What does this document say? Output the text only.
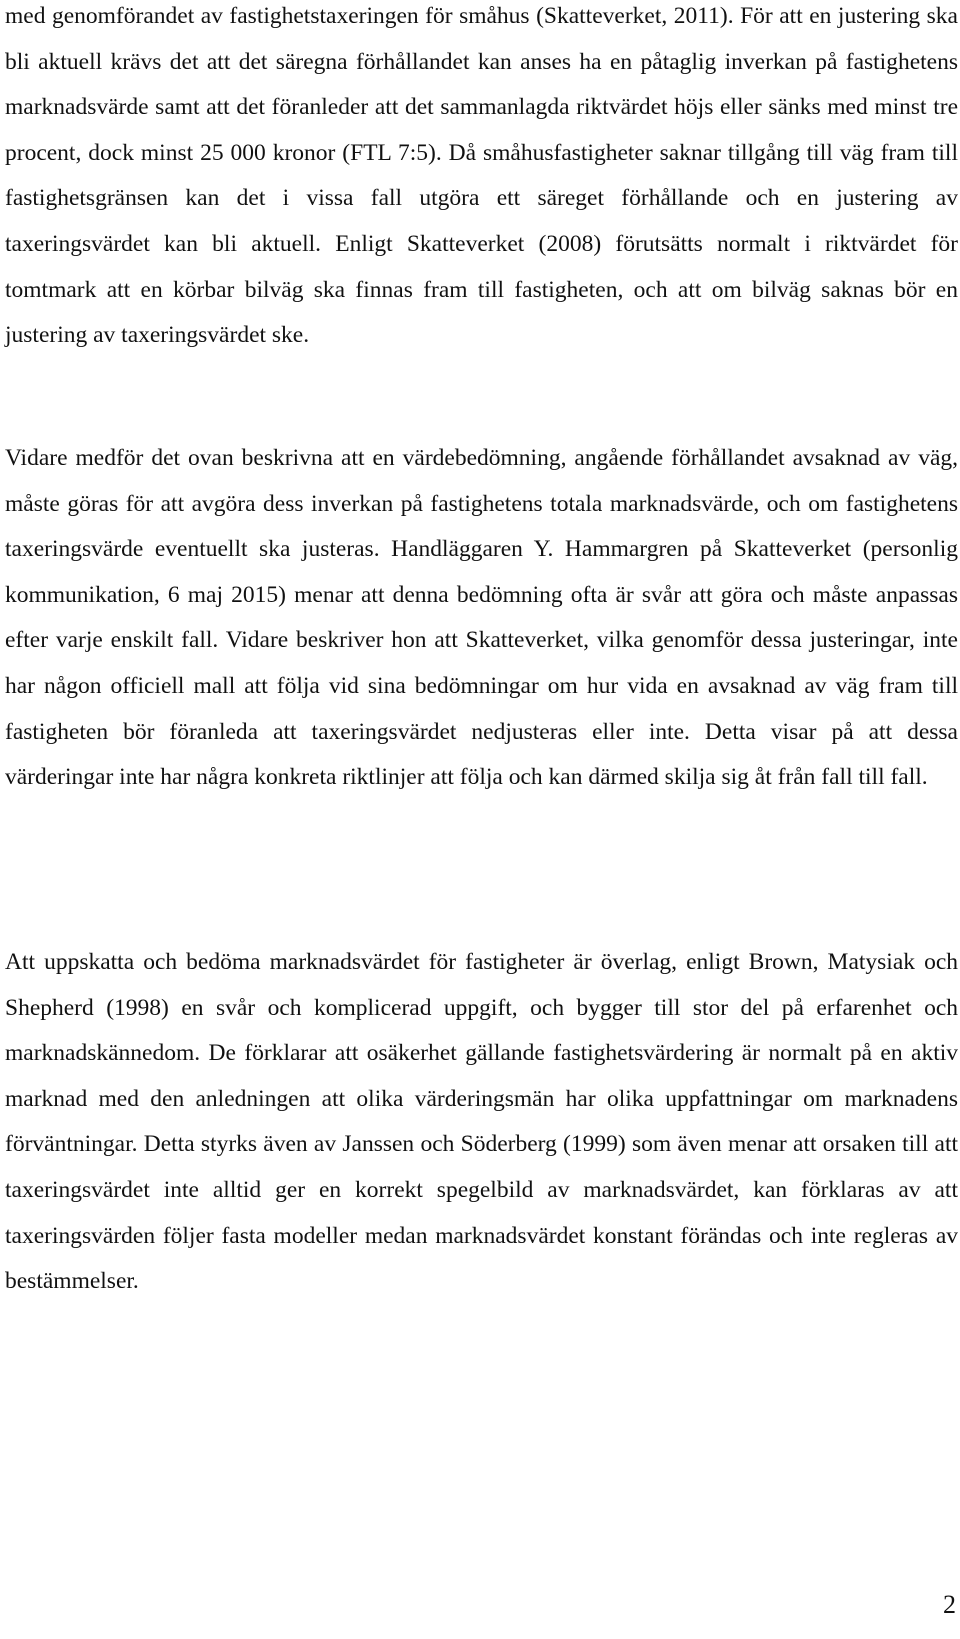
med genomförandet av fastighetstaxeringen för småhus (Skatteverket, 2011). För att en justering ska bli aktuell krävs det att det säregna förhållandet kan anses ha en påtaglig inverkan på fastighetens marknadsvärde samt att det föranleder att det sammanlagda riktvärdet höjs eller sänks med minst tre procent, dock minst 25 000 kronor (FTL 7:5). Då småhusfastigheter saknar tillgång till väg fram till fastighetsgränsen kan det i vissa fall utgöra ett säreget förhållande och en justering av taxeringsvärdet kan bli aktuell. Enligt Skatteverket (2008) förutsätts normalt i riktvärdet för tomtmark att en körbar bilväg ska finnas fram till fastigheten, och att om bilväg saknas bör en justering av taxeringsvärdet ske.

Vidare medför det ovan beskrivna att en värdebedömning, angående förhållandet avsaknad av väg, måste göras för att avgöra dess inverkan på fastighetens totala marknadsvärde, och om fastighetens taxeringsvärde eventuellt ska justeras. Handläggaren Y. Hammargren på Skatteverket (personlig kommunikation, 6 maj 2015) menar att denna bedömning ofta är svår att göra och måste anpassas efter varje enskilt fall. Vidare beskriver hon att Skatteverket, vilka genomför dessa justeringar, inte har någon officiell mall att följa vid sina bedömningar om hur vida en avsaknad av väg fram till fastigheten bör föranleda att taxeringsvärdet nedjusteras eller inte. Detta visar på att dessa värderingar inte har några konkreta riktlinjer att följa och kan därmed skilja sig åt från fall till fall.

Att uppskatta och bedöma marknadsvärdet för fastigheter är överlag, enligt Brown, Matysiak och Shepherd (1998) en svår och komplicerad uppgift, och bygger till stor del på erfarenhet och marknadskännedom. De förklarar att osäkerhet gällande fastighetsvärdering är normalt på en aktiv marknad med den anledningen att olika värderingsmän har olika uppfattningar om marknadens förväntningar. Detta styrks även av Janssen och Söderberg (1999) som även menar att orsaken till att taxeringsvärdet inte alltid ger en korrekt spegelbild av marknadsvärdet, kan förklaras av att taxeringsvärden följer fasta modeller medan marknadsvärdet konstant förändas och inte regleras av bestämmelser.

2
